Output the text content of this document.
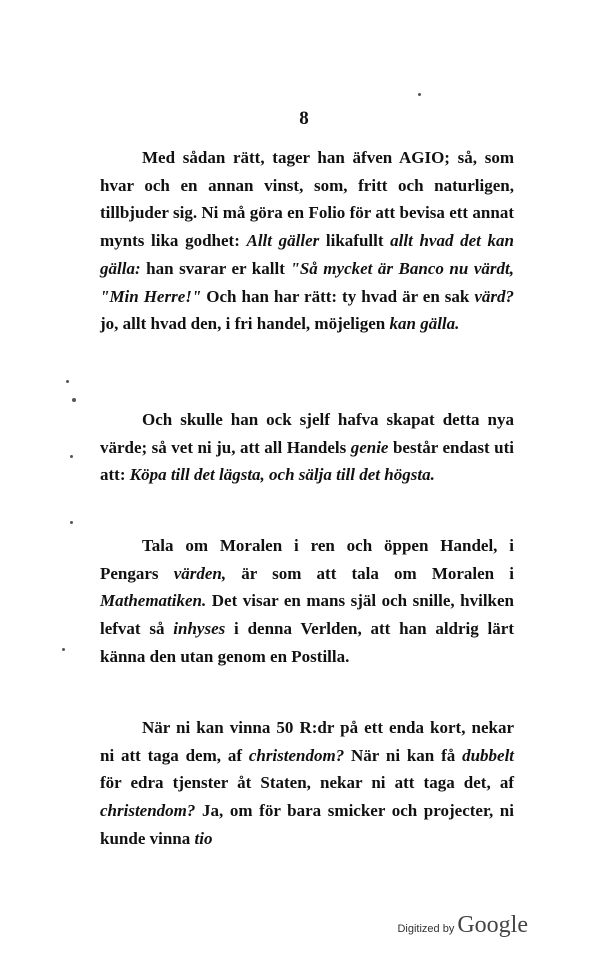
8

Med sådan rätt, tager han äfven AGIO; så, som hvar och en annan vinst, som, fritt och naturligen, tillbjuder sig. Ni må göra en Folio för att bevisa ett annat mynts lika godhet: Allt gäller likafullt allt hvad det kan gälla: han svarar er kallt "Så mycket är Banco nu värdt, "Min Herre!" Och han har rätt: ty hvad är en sak värd? jo, allt hvad den, i fri handel, möjeligen kan gälla.

Och skulle han ock sjelf hafva skapat detta nya värde; så vet ni ju, att all Handels genie består endast uti att: Köpa till det lägsta, och sälja till det högsta.

Tala om Moralen i ren och öppen Handel, i Pengars värden, är som att tala om Moralen i Mathematiken. Det visar en mans själ och snille, hvilken lefvat så inhyses i denna Verlden, att han aldrig lärt känna den utan genom en Postilla.

När ni kan vinna 50 R:dr på ett enda kort, nekar ni att taga dem, af christendom? När ni kan få dubbelt för edra tjenster åt Staten, nekar ni att taga det, af christendom? Ja, om för bara smicker och projecter, ni kunde vinna tio

Digitized by Google
